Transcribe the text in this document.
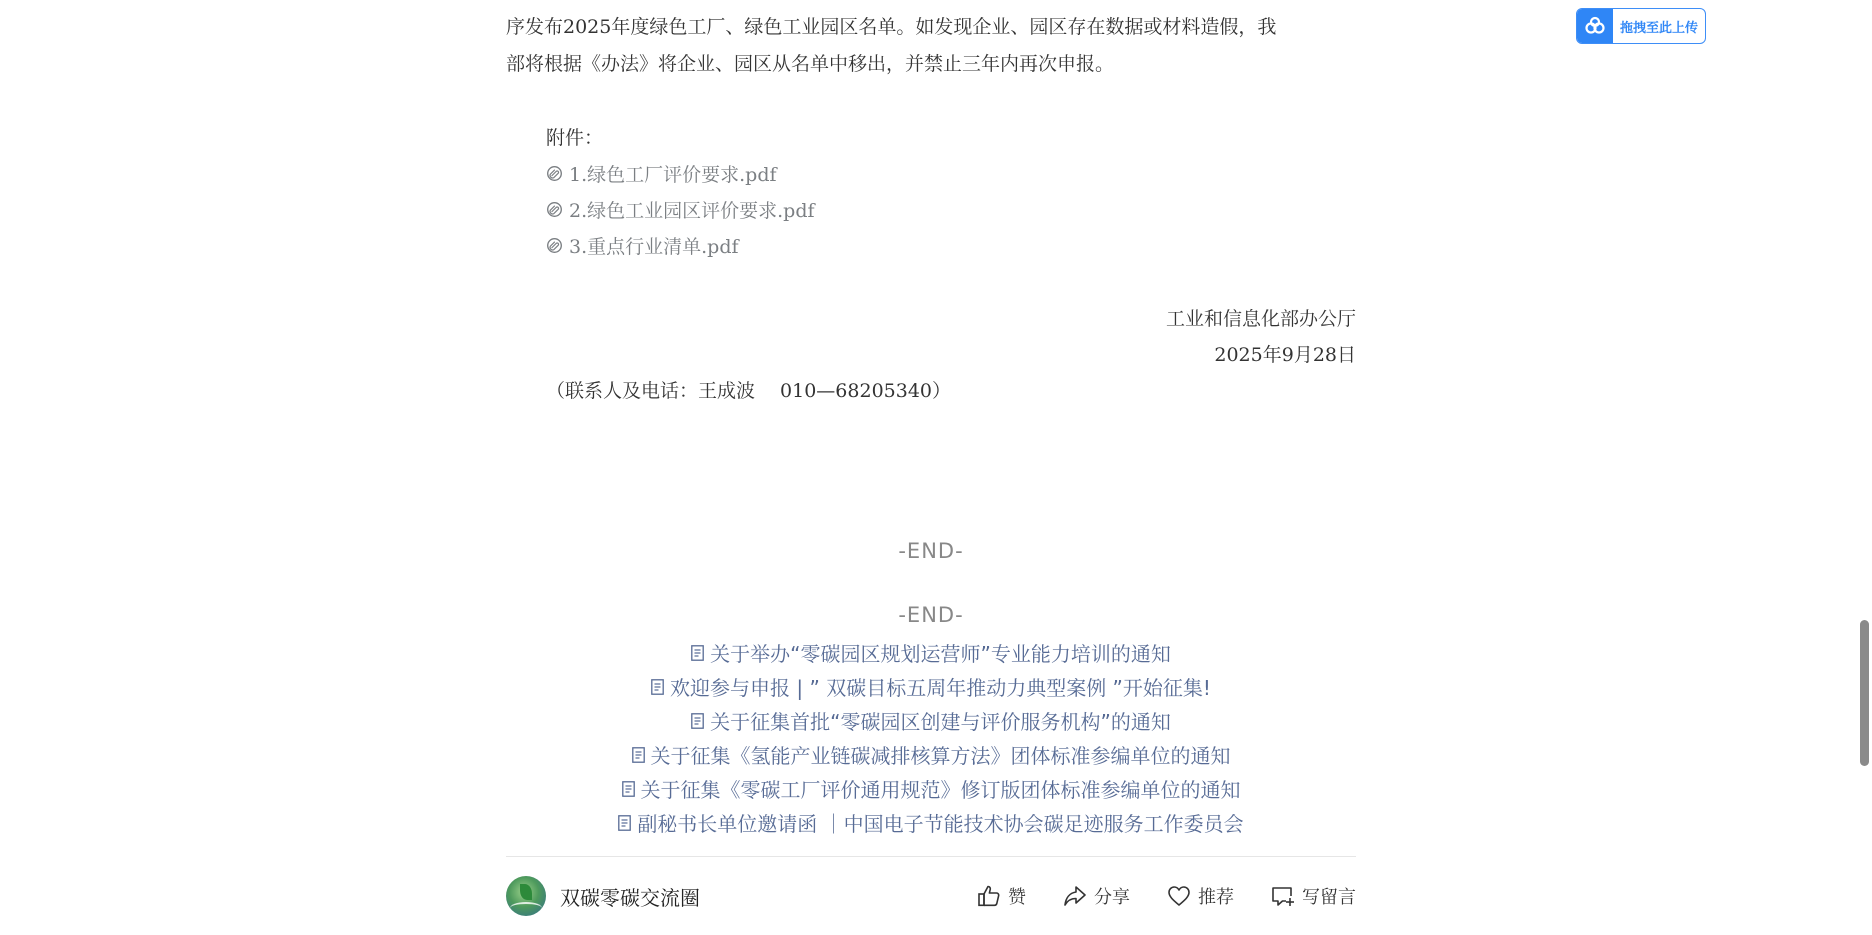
序发布2025年度绿色工厂、绿色工业园区名单。如发现企业、园区存在数据或材料造假，我
部将根据《办法》将企业、园区从名单中移出，并禁止三年内再次申报。
附件：
1.绿色工厂评价要求.pdf
2.绿色工业园区评价要求.pdf
3.重点行业清单.pdf
工业和信息化部办公厅
2025年9月28日
（联系人及电话：王成波　 010—68205340）
-END-
-END-
关于举办“零碳园区规划运营师”专业能力培训的通知
欢迎参与申报 | ” 双碳目标五周年推动力典型案例 ”开始征集!
关于征集首批“零碳园区创建与评价服务机构”的通知
关于征集《氢能产业链碳减排核算方法》团体标准参编单位的通知
关于征集《零碳工厂评价通用规范》修订版团体标准参编单位的通知
副秘书长单位邀请函 ｜中国电子节能技术协会碳足迹服务工作委员会
双碳零碳交流圈	赞	分享	推荐	写留言
拖拽至此上传
